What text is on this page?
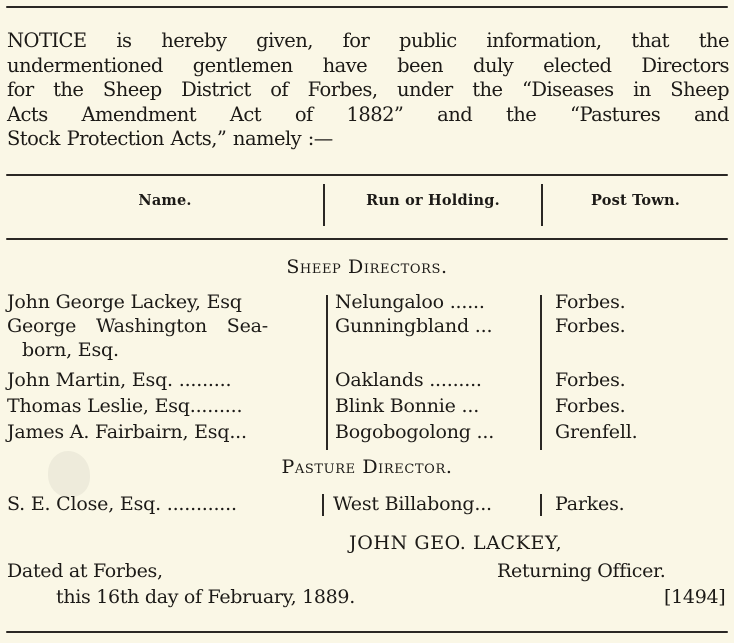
NOTICE is hereby given, for public information, that the
undermentioned gentlemen have been duly elected Directors
for the Sheep District of Forbes, under the “Diseases in Sheep
Acts Amendment Act of 1882” and the “Pastures and
Stock Protection Acts,” namely :—
Name.	Run or Holding.	Post Town.
Sheep Directors.
John George Lackey, Esq	Nelungaloo ......	Forbes.
George Washington Sea-
born, Esq.
Gunningbland ...	Forbes.
John Martin, Esq. .........	Oaklands .........	Forbes.
Thomas Leslie, Esq.........	Blink Bonnie ...	Forbes.
James A. Fairbairn, Esq...	Bogobogolong ...	Grenfell.
Pasture Director.
S. E. Close, Esq. ............	West Billabong...	Parkes.
JOHN GEO. LACKEY,
Dated at Forbes,	Returning Officer.
this 16th day of February, 1889.	[1494]
